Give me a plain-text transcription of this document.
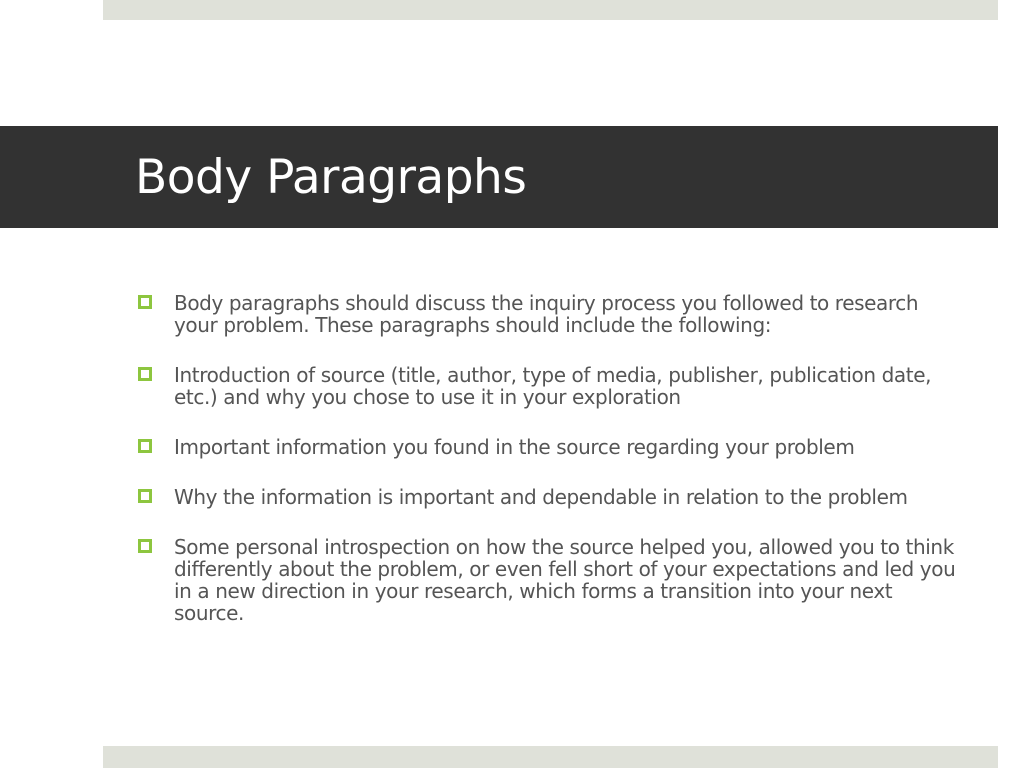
Body Paragraphs
Body paragraphs should discuss the inquiry process you followed to research your problem. These paragraphs should include the following:
Introduction of source (title, author, type of media, publisher, publication date, etc.) and why you chose to use it in your exploration
Important information you found in the source regarding your problem
Why the information is important and dependable in relation to the problem
Some personal introspection on how the source helped you, allowed you to think differently about the problem, or even fell short of your expectations and led you in a new direction in your research, which forms a transition into your next source.
